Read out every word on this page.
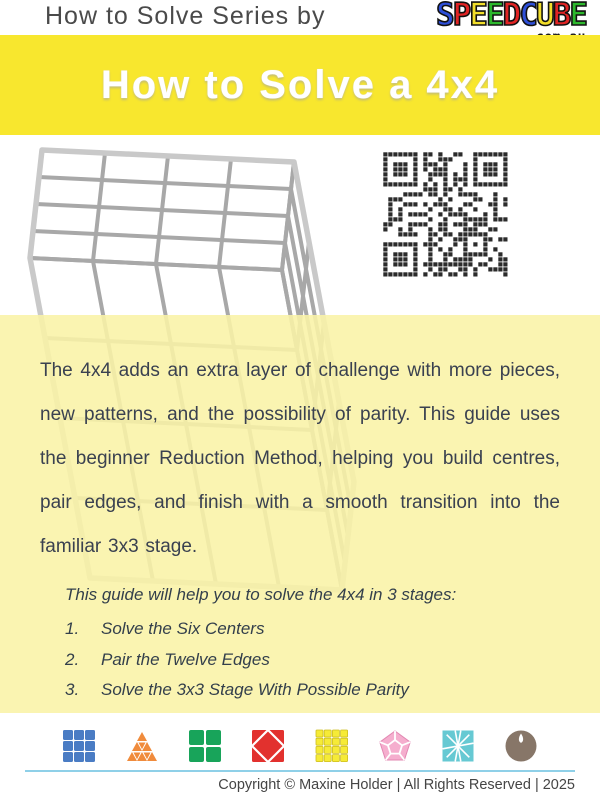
How to Solve Series by	SPEEDCUBE
How to Solve a 4x4

The 4x4 adds an extra layer of challenge with more pieces, new patterns, and the possibility of parity. This guide uses the beginner Reduction Method, helping you build centres, pair edges, and finish with a smooth transition into the familiar 3x3 stage.

This guide will help you to solve the 4x4 in 3 stages:

1.	Solve the Six Centers
2.	Pair the Twelve Edges
3.	Solve the 3x3 Stage With Possible Parity
Copyright © Maxine Holder | All Rights Reserved | 2025
